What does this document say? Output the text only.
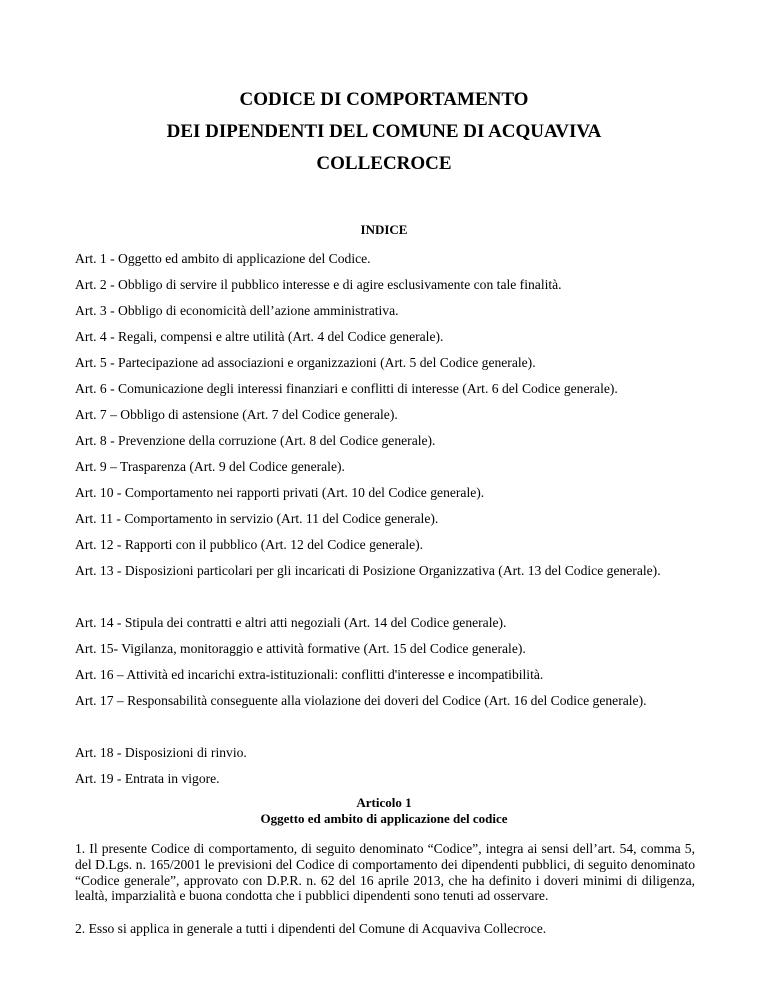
CODICE DI COMPORTAMENTO
DEI DIPENDENTI DEL COMUNE DI ACQUAVIVA
COLLECROCE
INDICE

Art. 1 - Oggetto ed ambito di applicazione del Codice.

Art. 2 - Obbligo di servire il pubblico interesse e di agire esclusivamente con tale finalità.

Art. 3 - Obbligo di economicità dell’azione amministrativa.

Art. 4 - Regali, compensi e altre utilità (Art. 4 del Codice generale).

Art. 5 - Partecipazione ad associazioni e organizzazioni (Art. 5 del Codice generale).

Art. 6 - Comunicazione degli interessi finanziari e conflitti di interesse (Art. 6 del Codice generale).

Art. 7 – Obbligo di astensione (Art. 7 del Codice generale).

Art. 8 - Prevenzione della corruzione (Art. 8 del Codice generale).

Art. 9 – Trasparenza (Art. 9 del Codice generale).

Art. 10 - Comportamento nei rapporti privati (Art. 10 del Codice generale).

Art. 11 - Comportamento in servizio (Art. 11 del Codice generale).

Art. 12 - Rapporti con il pubblico (Art. 12 del Codice generale).

Art. 13 - Disposizioni particolari per gli incaricati di Posizione Organizzativa (Art. 13 del Codice generale).

Art. 14 - Stipula dei contratti e altri atti negoziali (Art. 14 del Codice generale).

Art. 15- Vigilanza, monitoraggio e attività formative (Art. 15 del Codice generale).

Art. 16 – Attività ed incarichi extra-istituzionali: conflitti d'interesse e incompatibilità.

Art. 17 – Responsabilità conseguente alla violazione dei doveri del Codice (Art. 16 del Codice generale).

Art. 18 - Disposizioni di rinvio.

Art. 19 - Entrata in vigore.

Articolo 1
Oggetto ed ambito di applicazione del codice

1. Il presente Codice di comportamento, di seguito denominato “Codice”, integra ai sensi dell’art. 54, comma 5, del D.Lgs. n. 165/2001 le previsioni del Codice di comportamento dei dipendenti pubblici, di seguito denominato “Codice generale”, approvato con D.P.R. n. 62 del 16 aprile 2013, che ha definito i doveri minimi di diligenza, lealtà, imparzialità e buona condotta che i pubblici dipendenti sono tenuti ad osservare.

2. Esso si applica in generale a tutti i dipendenti del Comune di Acquaviva Collecroce.
